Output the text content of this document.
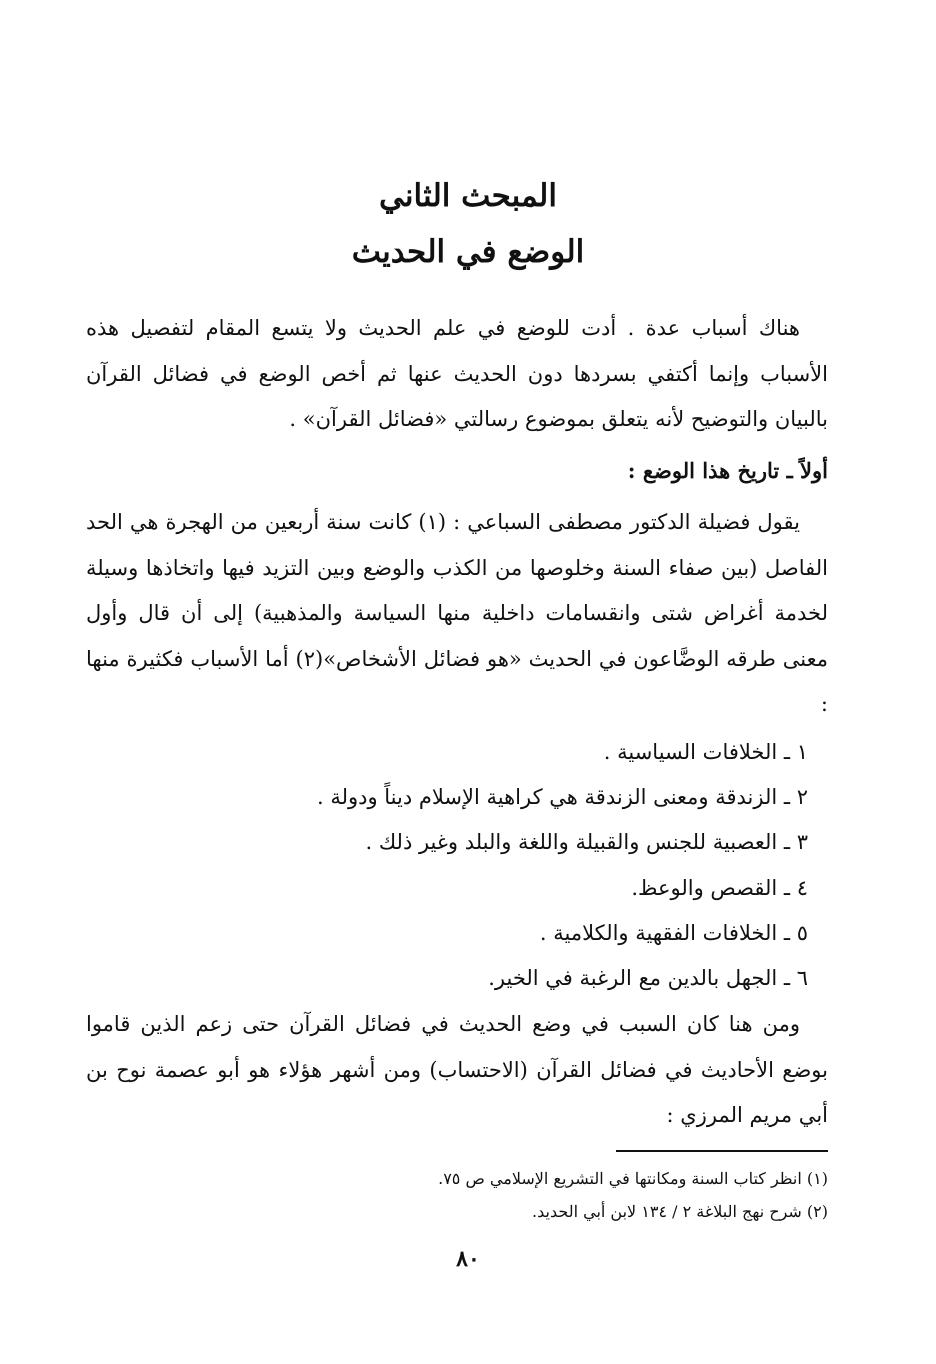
المبحث الثاني
الوضع في الحديث

هناك أسباب عدة . أدت للوضع في علم الحديث ولا يتسع المقام لتفصيل هذه الأسباب وإنما أكتفي بسردها دون الحديث عنها ثم أخص الوضع في فضائل القرآن بالبيان والتوضيح لأنه يتعلق بموضوع رسالتي «فضائل القرآن» .

أولاً ـ تاريخ هذا الوضع :

يقول فضيلة الدكتور مصطفى السباعي : (١) كانت سنة أربعين من الهجرة هي الحد الفاصل (بين صفاء السنة وخلوصها من الكذب والوضع وبين التزيد فيها واتخاذها وسيلة لخدمة أغراض شتى وانقسامات داخلية منها السياسة والمذهبية) إلى أن قال وأول معنى طرقه الوضَّاعون في الحديث «هو فضائل الأشخاص»(٢) أما الأسباب فكثيرة منها :

١ ـ الخلافات السياسية .
٢ ـ الزندقة ومعنى الزندقة هي كراهية الإسلام ديناً ودولة .
٣ ـ العصبية للجنس والقبيلة واللغة والبلد وغير ذلك .
٤ ـ القصص والوعظ.
٥ ـ الخلافات الفقهية والكلامية .
٦ ـ الجهل بالدين مع الرغبة في الخير.

ومن هنا كان السبب في وضع الحديث في فضائل القرآن حتى زعم الذين قاموا بوضع الأحاديث في فضائل القرآن (الاحتساب) ومن أشهر هؤلاء هو أبو عصمة نوح بن أبي مريم المرزي :

(١) انظر كتاب السنة ومكانتها في التشريع الإسلامي ص ٧٥.
(٢) شرح نهج البلاغة ٢ / ١٣٤ لابن أبي الحديد.
٨٠
